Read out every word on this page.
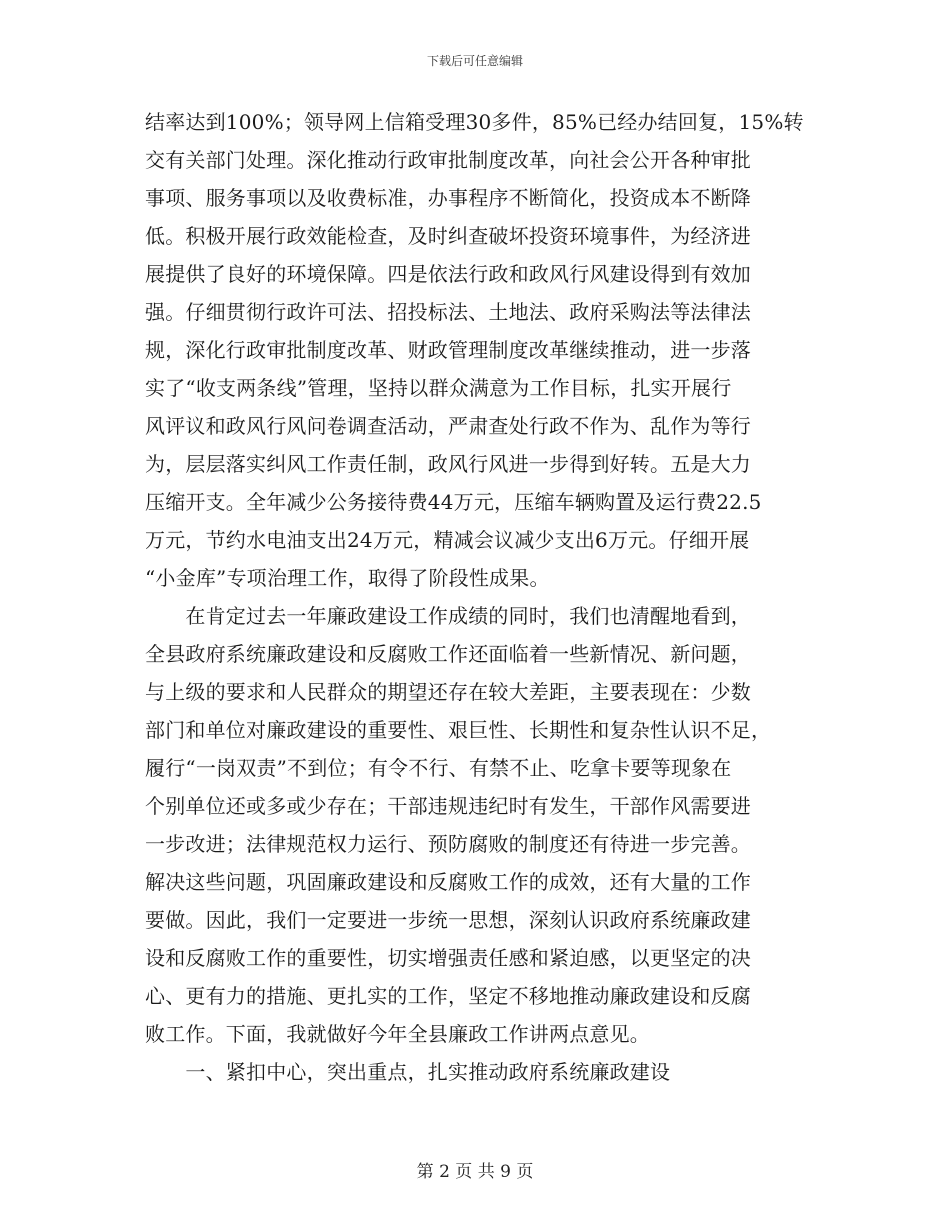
下载后可任意编辑
结率达到100%；领导网上信箱受理30多件，85%已经办结回复，15%转
交有关部门处理。深化推动行政审批制度改革，向社会公开各种审批
事项、服务事项以及收费标准，办事程序不断简化，投资成本不断降
低。积极开展行政效能检查，及时纠查破坏投资环境事件，为经济进
展提供了良好的环境保障。四是依法行政和政风行风建设得到有效加
强。仔细贯彻行政许可法、招投标法、土地法、政府采购法等法律法
规，深化行政审批制度改革、财政管理制度改革继续推动，进一步落
实了“收支两条线”管理，坚持以群众满意为工作目标，扎实开展行
风评议和政风行风问卷调查活动，严肃查处行政不作为、乱作为等行
为，层层落实纠风工作责任制，政风行风进一步得到好转。五是大力
压缩开支。全年减少公务接待费44万元，压缩车辆购置及运行费22.5
万元，节约水电油支出24万元，精减会议减少支出6万元。仔细开展
“小金库”专项治理工作，取得了阶段性成果。
　　在肯定过去一年廉政建设工作成绩的同时，我们也清醒地看到，
全县政府系统廉政建设和反腐败工作还面临着一些新情况、新问题，
与上级的要求和人民群众的期望还存在较大差距，主要表现在：少数
部门和单位对廉政建设的重要性、艰巨性、长期性和复杂性认识不足，
履行“一岗双责”不到位；有令不行、有禁不止、吃拿卡要等现象在
个别单位还或多或少存在；干部违规违纪时有发生，干部作风需要进
一步改进；法律规范权力运行、预防腐败的制度还有待进一步完善。
解决这些问题，巩固廉政建设和反腐败工作的成效，还有大量的工作
要做。因此，我们一定要进一步统一思想，深刻认识政府系统廉政建
设和反腐败工作的重要性，切实增强责任感和紧迫感，以更坚定的决
心、更有力的措施、更扎实的工作，坚定不移地推动廉政建设和反腐
败工作。下面，我就做好今年全县廉政工作讲两点意见。
　　一、紧扣中心，突出重点，扎实推动政府系统廉政建设
第 2 页 共 9 页
